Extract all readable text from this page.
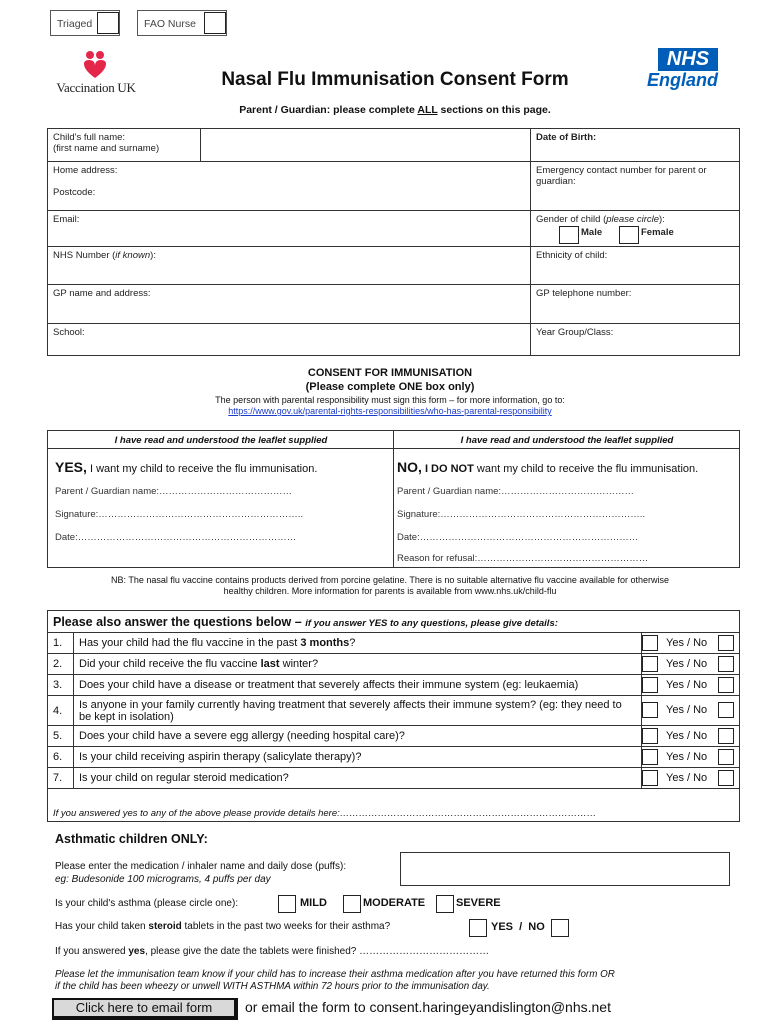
Triaged	FAO Nurse
Vaccination UK	Nasal Flu Immunisation Consent Form
NHS
England
Parent / Guardian: please complete ALL sections on this page.
Child's full name:
(first name and surname)		Date of Birth:

Home address:
Postcode:		Emergency contact number for parent or guardian:

Email:		Gender of child (please circle):
Male Female

NHS Number (if known):		Ethnicity of child:

GP name and address:		GP telephone number:

School:		Year Group/Class:
CONSENT FOR IMMUNISATION
(Please complete ONE box only)
The person with parental responsibility must sign this form – for more information, go to:
https://www.gov.uk/parental-rights-responsibilities/who-has-parental-responsibility
I have read and understood the leaflet supplied
YES, I want my child to receive the flu immunisation.
Parent / Guardian name:……………………………………
Signature:………………………………………………………..
Date:……………………………………………………………
I have read and understood the leaflet supplied
NO, I DO NOT want my child to receive the flu immunisation.
Parent / Guardian name:……………………………………
Signature:………………………………………………………..
Date:……………………………………………………………
Reason for refusal:………………………………………………
NB: The nasal flu vaccine contains products derived from porcine gelatine. There is no suitable alternative flu vaccine available for otherwise
healthy children. More information for parents is available from www.nhs.uk/child-flu
Please also answer the questions below – if you answer YES to any questions, please give details:		
1.	Has your child had the flu vaccine in the past 3 months?	Yes / No

2.	Did your child receive the flu vaccine last winter?	Yes / No

3.	Does your child have a disease or treatment that severely affects their immune system (eg: leukaemia)	Yes / No

4.	Is anyone in your family currently having treatment that severely affects their immune system? (eg: they need to be kept in isolation)	Yes / No

5.	Does your child have a severe egg allergy (needing hospital care)?	Yes / No

6.	Is your child receiving aspirin therapy (salicylate therapy)?	Yes / No

7.	Is your child on regular steroid medication?	Yes / No

If you answered yes to any of the above please provide details here:………………………………………………………………………		
Asthmatic children ONLY:
Please enter the medication / inhaler name and daily dose (puffs):
eg: Budesonide 100 micrograms, 4 puffs per day
Is your child's asthma (please circle one):	MILD	MODERATE	SEVERE
Has your child taken steroid tablets in the past two weeks for their asthma?	YES  /  NO
If you answered yes, please give the date the tablets were finished? …………………………………
Please let the immunisation team know if your child has to increase their asthma medication after you have returned this form OR
if the child has been wheezy or unwell WITH ASTHMA within 72 hours prior to the immunisation day.
Click here to email form	or email the form to consent.haringeyandislington@nhs.net
